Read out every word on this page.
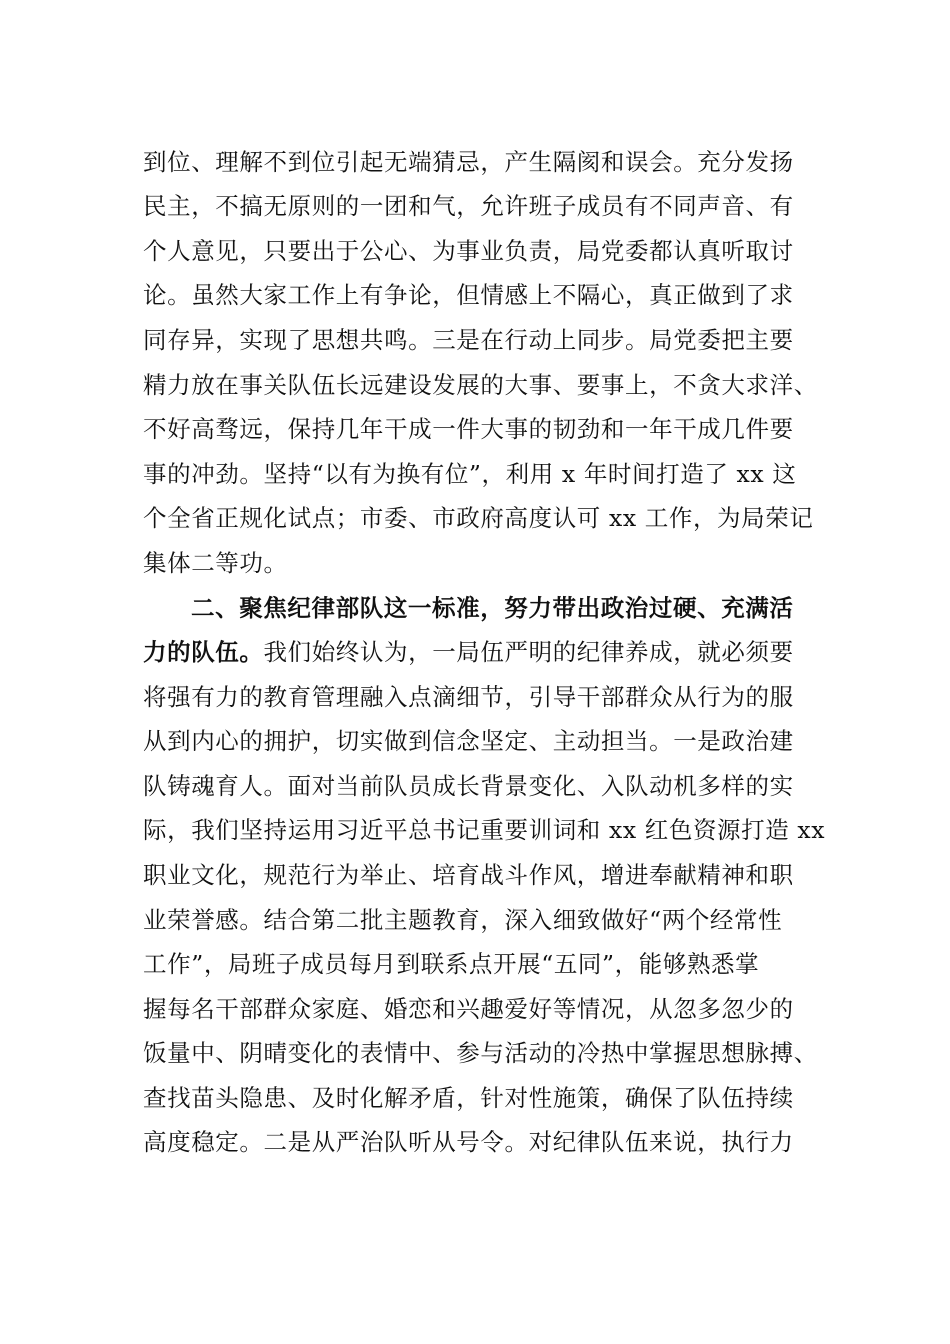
到位、理解不到位引起无端猜忌，产生隔阂和误会。充分发扬
民主，不搞无原则的一团和气，允许班子成员有不同声音、有
个人意见，只要出于公心、为事业负责，局党委都认真听取讨
论。虽然大家工作上有争论，但情感上不隔心，真正做到了求
同存异，实现了思想共鸣。三是在行动上同步。局党委把主要
精力放在事关队伍长远建设发展的大事、要事上，不贪大求洋、
不好高骛远，保持几年干成一件大事的韧劲和一年干成几件要
事的冲劲。坚持“以有为换有位”，利用 x 年时间打造了 xx 这
个全省正规化试点；市委、市政府高度认可 xx 工作，为局荣记
集体二等功。
二、聚焦纪律部队这一标准，努力带出政治过硬、充满活
力的队伍。我们始终认为，一局伍严明的纪律养成，就必须要
将强有力的教育管理融入点滴细节，引导干部群众从行为的服
从到内心的拥护，切实做到信念坚定、主动担当。一是政治建
队铸魂育人。面对当前队员成长背景变化、入队动机多样的实
际，我们坚持运用习近平总书记重要训词和 xx 红色资源打造 xx
职业文化，规范行为举止、培育战斗作风，增进奉献精神和职
业荣誉感。结合第二批主题教育，深入细致做好“两个经常性
工作”，局班子成员每月到联系点开展“五同”，能够熟悉掌
握每名干部群众家庭、婚恋和兴趣爱好等情况，从忽多忽少的
饭量中、阴晴变化的表情中、参与活动的冷热中掌握思想脉搏、
查找苗头隐患、及时化解矛盾，针对性施策，确保了队伍持续
高度稳定。二是从严治队听从号令。对纪律队伍来说，执行力
